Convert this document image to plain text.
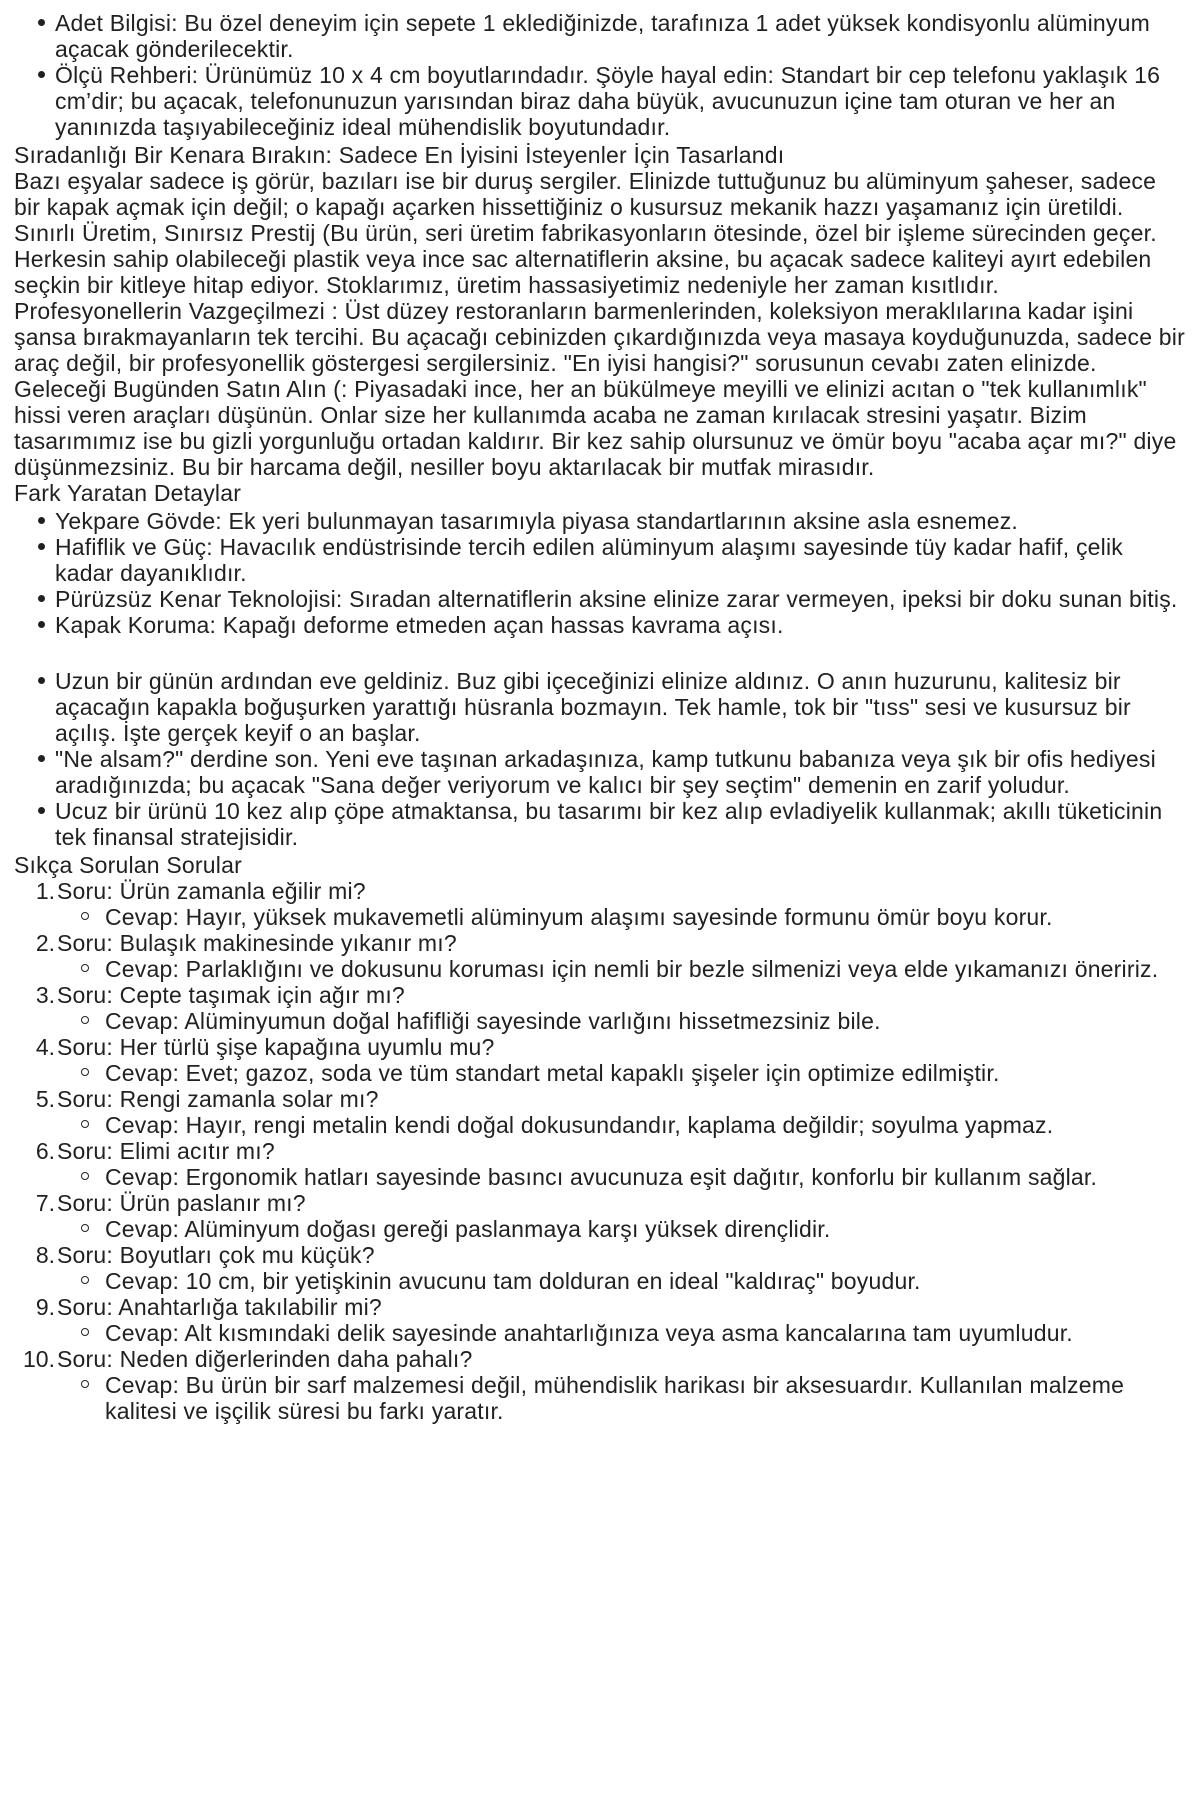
Adet Bilgisi: Bu özel deneyim için sepete 1 eklediğinizde, tarafınıza 1 adet yüksek kondisyonlu alüminyum açacak gönderilecektir.
Ölçü Rehberi: Ürünümüz 10 x 4 cm boyutlarındadır. Şöyle hayal edin: Standart bir cep telefonu yaklaşık 16 cm’dir; bu açacak, telefonunuzun yarısından biraz daha büyük, avucunuzun içine tam oturan ve her an yanınızda taşıyabileceğiniz ideal mühendislik boyutundadır.

Sıradanlığı Bir Kenara Bırakın: Sadece En İyisini İsteyenler İçin Tasarlandı

Bazı eşyalar sadece iş görür, bazıları ise bir duruş sergiler. Elinizde tuttuğunuz bu alüminyum şaheser, sadece bir kapak açmak için değil; o kapağı açarken hissettiğiniz o kusursuz mekanik hazzı yaşamanız için üretildi.

Sınırlı Üretim, Sınırsız Prestij (Bu ürün, seri üretim fabrikasyonların ötesinde, özel bir işleme sürecinden geçer. Herkesin sahip olabileceği plastik veya ince sac alternatiflerin aksine, bu açacak sadece kaliteyi ayırt edebilen seçkin bir kitleye hitap ediyor. Stoklarımız, üretim hassasiyetimiz nedeniyle her zaman kısıtlıdır.

Profesyonellerin Vazgeçilmezi : Üst düzey restoranların barmenlerinden, koleksiyon meraklılarına kadar işini şansa bırakmayanların tek tercihi. Bu açacağı cebinizden çıkardığınızda veya masaya koyduğunuzda, sadece bir araç değil, bir profesyonellik göstergesi sergilersiniz. "En iyisi hangisi?" sorusunun cevabı zaten elinizde.

Geleceği Bugünden Satın Alın (: Piyasadaki ince, her an bükülmeye meyilli ve elinizi acıtan o "tek kullanımlık" hissi veren araçları düşünün. Onlar size her kullanımda acaba ne zaman kırılacak stresini yaşatır. Bizim tasarımımız ise bu gizli yorgunluğu ortadan kaldırır. Bir kez sahip olursunuz ve ömür boyu "acaba açar mı?" diye düşünmezsiniz. Bu bir harcama değil, nesiller boyu aktarılacak bir mutfak mirasıdır.

Fark Yaratan Detaylar

Yekpare Gövde: Ek yeri bulunmayan tasarımıyla piyasa standartlarının aksine asla esnemez.
Hafiflik ve Güç: Havacılık endüstrisinde tercih edilen alüminyum alaşımı sayesinde tüy kadar hafif, çelik kadar dayanıklıdır.
Pürüzsüz Kenar Teknolojisi: Sıradan alternatiflerin aksine elinize zarar vermeyen, ipeksi bir doku sunan bitiş.
Kapak Koruma: Kapağı deforme etmeden açan hassas kavrama açısı.
Uzun bir günün ardından eve geldiniz. Buz gibi içeceğinizi elinize aldınız. O anın huzurunu, kalitesiz bir açacağın kapakla boğuşurken yarattığı hüsranla bozmayın. Tek hamle, tok bir "tıss" sesi ve kusursuz bir açılış. İşte gerçek keyif o an başlar.
"Ne alsam?" derdine son. Yeni eve taşınan arkadaşınıza, kamp tutkunu babanıza veya şık bir ofis hediyesi aradığınızda; bu açacak "Sana değer veriyorum ve kalıcı bir şey seçtim" demenin en zarif yoludur.
Ucuz bir ürünü 10 kez alıp çöpe atmaktansa, bu tasarımı bir kez alıp evladiyelik kullanmak; akıllı tüketicinin tek finansal stratejisidir.

Sıkça Sorulan Sorular

1. Soru: Ürün zamanla eğilir mi?
Cevap: Hayır, yüksek mukavemetli alüminyum alaşımı sayesinde formunu ömür boyu korur.
2. Soru: Bulaşık makinesinde yıkanır mı?
Cevap: Parlaklığını ve dokusunu koruması için nemli bir bezle silmenizi veya elde yıkamanızı öneririz.
3. Soru: Cepte taşımak için ağır mı?
Cevap: Alüminyumun doğal hafifliği sayesinde varlığını hissetmezsiniz bile.
4. Soru: Her türlü şişe kapağına uyumlu mu?
Cevap: Evet; gazoz, soda ve tüm standart metal kapaklı şişeler için optimize edilmiştir.
5. Soru: Rengi zamanla solar mı?
Cevap: Hayır, rengi metalin kendi doğal dokusundandır, kaplama değildir; soyulma yapmaz.
6. Soru: Elimi acıtır mı?
Cevap: Ergonomik hatları sayesinde basıncı avucunuza eşit dağıtır, konforlu bir kullanım sağlar.
7. Soru: Ürün paslanır mı?
Cevap: Alüminyum doğası gereği paslanmaya karşı yüksek dirençlidir.
8. Soru: Boyutları çok mu küçük?
Cevap: 10 cm, bir yetişkinin avucunu tam dolduran en ideal "kaldıraç" boyudur.
9. Soru: Anahtarlığa takılabilir mi?
Cevap: Alt kısmındaki delik sayesinde anahtarlığınıza veya asma kancalarına tam uyumludur.
10. Soru: Neden diğerlerinden daha pahalı?
Cevap: Bu ürün bir sarf malzemesi değil, mühendislik harikası bir aksesuardır. Kullanılan malzeme kalitesi ve işçilik süresi bu farkı yaratır.
